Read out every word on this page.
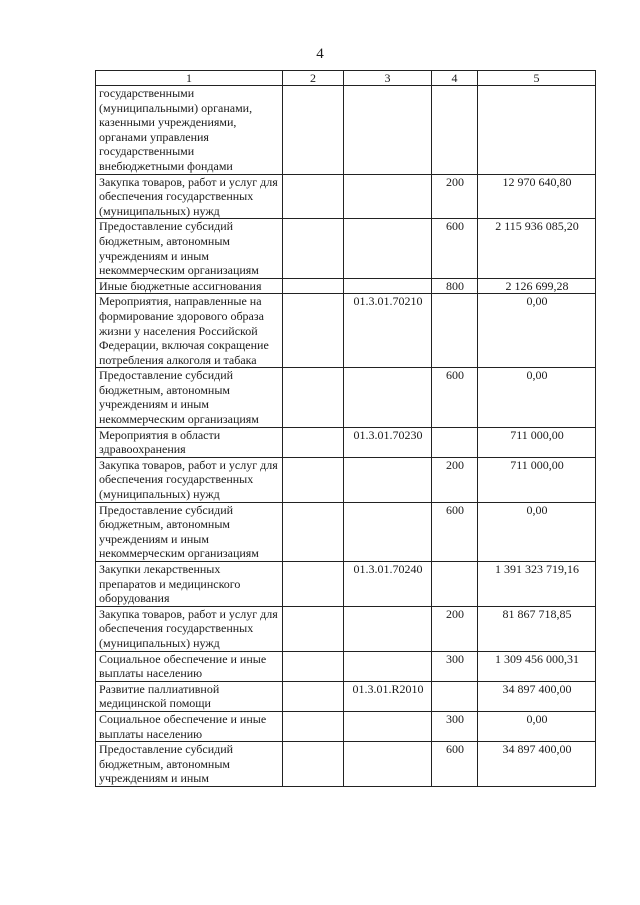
4
1	2	3	4	5
государственными (муниципальными) органами, казенными учреждениями, органами управления государственными внебюджетными фондами				
Закупка товаров, работ и услуг для обеспечения государственных (муниципальных) нужд			200	12 970 640,80
Предоставление субсидий бюджетным, автономным учреждениям и иным некоммерческим организациям			600	2 115 936 085,20
Иные бюджетные ассигнования			800	2 126 699,28
Мероприятия, направленные на формирование здорового образа жизни у населения Российской Федерации, включая сокращение потребления алкоголя и табака		01.3.01.70210		0,00
Предоставление субсидий бюджетным, автономным учреждениям и иным некоммерческим организациям			600	0,00
Мероприятия в области здравоохранения		01.3.01.70230		711 000,00
Закупка товаров, работ и услуг для обеспечения государственных (муниципальных) нужд			200	711 000,00
Предоставление субсидий бюджетным, автономным учреждениям и иным некоммерческим организациям			600	0,00
Закупки лекарственных препаратов и медицинского оборудования		01.3.01.70240		1 391 323 719,16
Закупка товаров, работ и услуг для обеспечения государственных (муниципальных) нужд			200	81 867 718,85
Социальное обеспечение и иные выплаты населению			300	1 309 456 000,31
Развитие паллиативной медицинской помощи		01.3.01.R2010		34 897 400,00
Социальное обеспечение и иные выплаты населению			300	0,00
Предоставление субсидий бюджетным, автономным учреждениям и иным			600	34 897 400,00
